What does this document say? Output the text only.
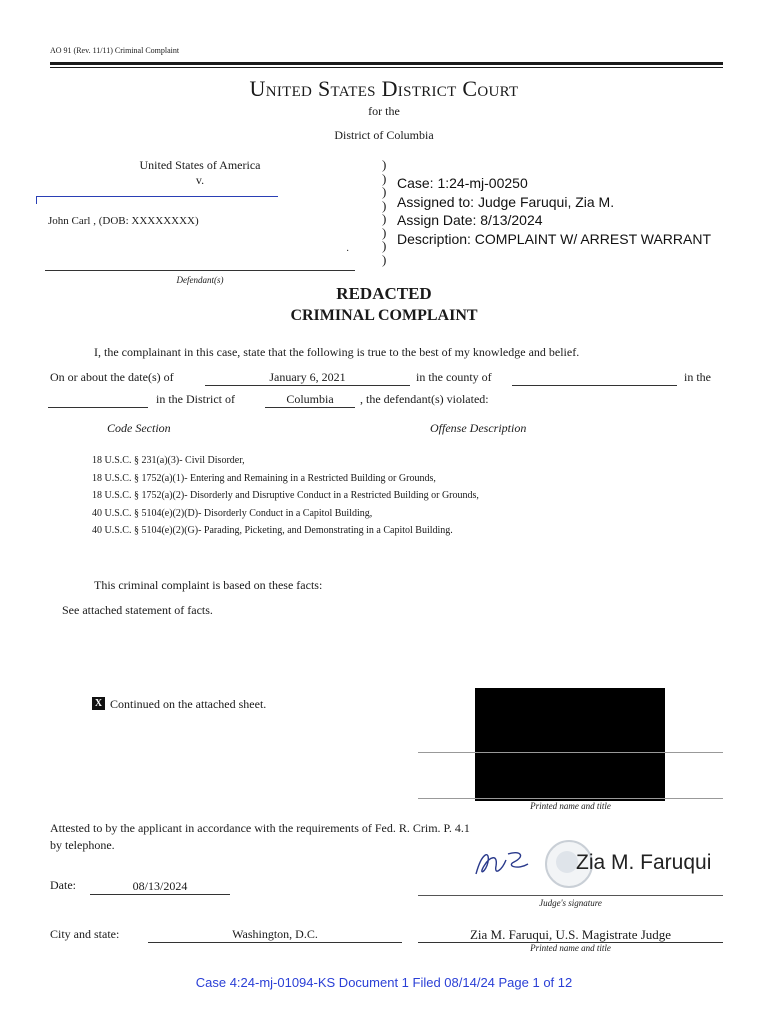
AO 91 (Rev. 11/11) Criminal Complaint
United States District Court
for the
District of Columbia
United States of America
v.
John Carl , (DOB: XXXXXXXX)
·
Defendant(s)
)
)
)
)
)
)
)
)
Case: 1:24-mj-00250
Assigned to: Judge Faruqui, Zia M.
Assign Date: 8/13/2024
Description: COMPLAINT W/ ARREST WARRANT
REDACTED
CRIMINAL COMPLAINT
I, the complainant in this case, state that the following is true to the best of my knowledge and belief.
On or about the date(s) of	January 6, 2021	in the county of	in the
in the District of	Columbia	, the defendant(s) violated:
Code Section	Offense Description
18 U.S.C. § 231(a)(3)- Civil Disorder,
18 U.S.C. § 1752(a)(1)- Entering and Remaining in a Restricted Building or Grounds,
18 U.S.C. § 1752(a)(2)- Disorderly and Disruptive Conduct in a Restricted Building or Grounds,
40 U.S.C. § 5104(e)(2)(D)- Disorderly Conduct in a Capitol Building,
40 U.S.C. § 5104(e)(2)(G)- Parading, Picketing, and Demonstrating in a Capitol Building.
This criminal complaint is based on these facts:
See attached statement of facts.
X Continued on the attached sheet.
Printed name and title
Attested to by the applicant in accordance with the requirements of Fed. R. Crim. P. 4.1
by telephone.
Zia M. Faruqui
Judge's signature
Date:	08/13/2024
City and state:	Washington, D.C.	Zia M. Faruqui, U.S. Magistrate Judge
Printed name and title
Case 4:24-mj-01094-KS Document 1 Filed 08/14/24 Page 1 of 12
